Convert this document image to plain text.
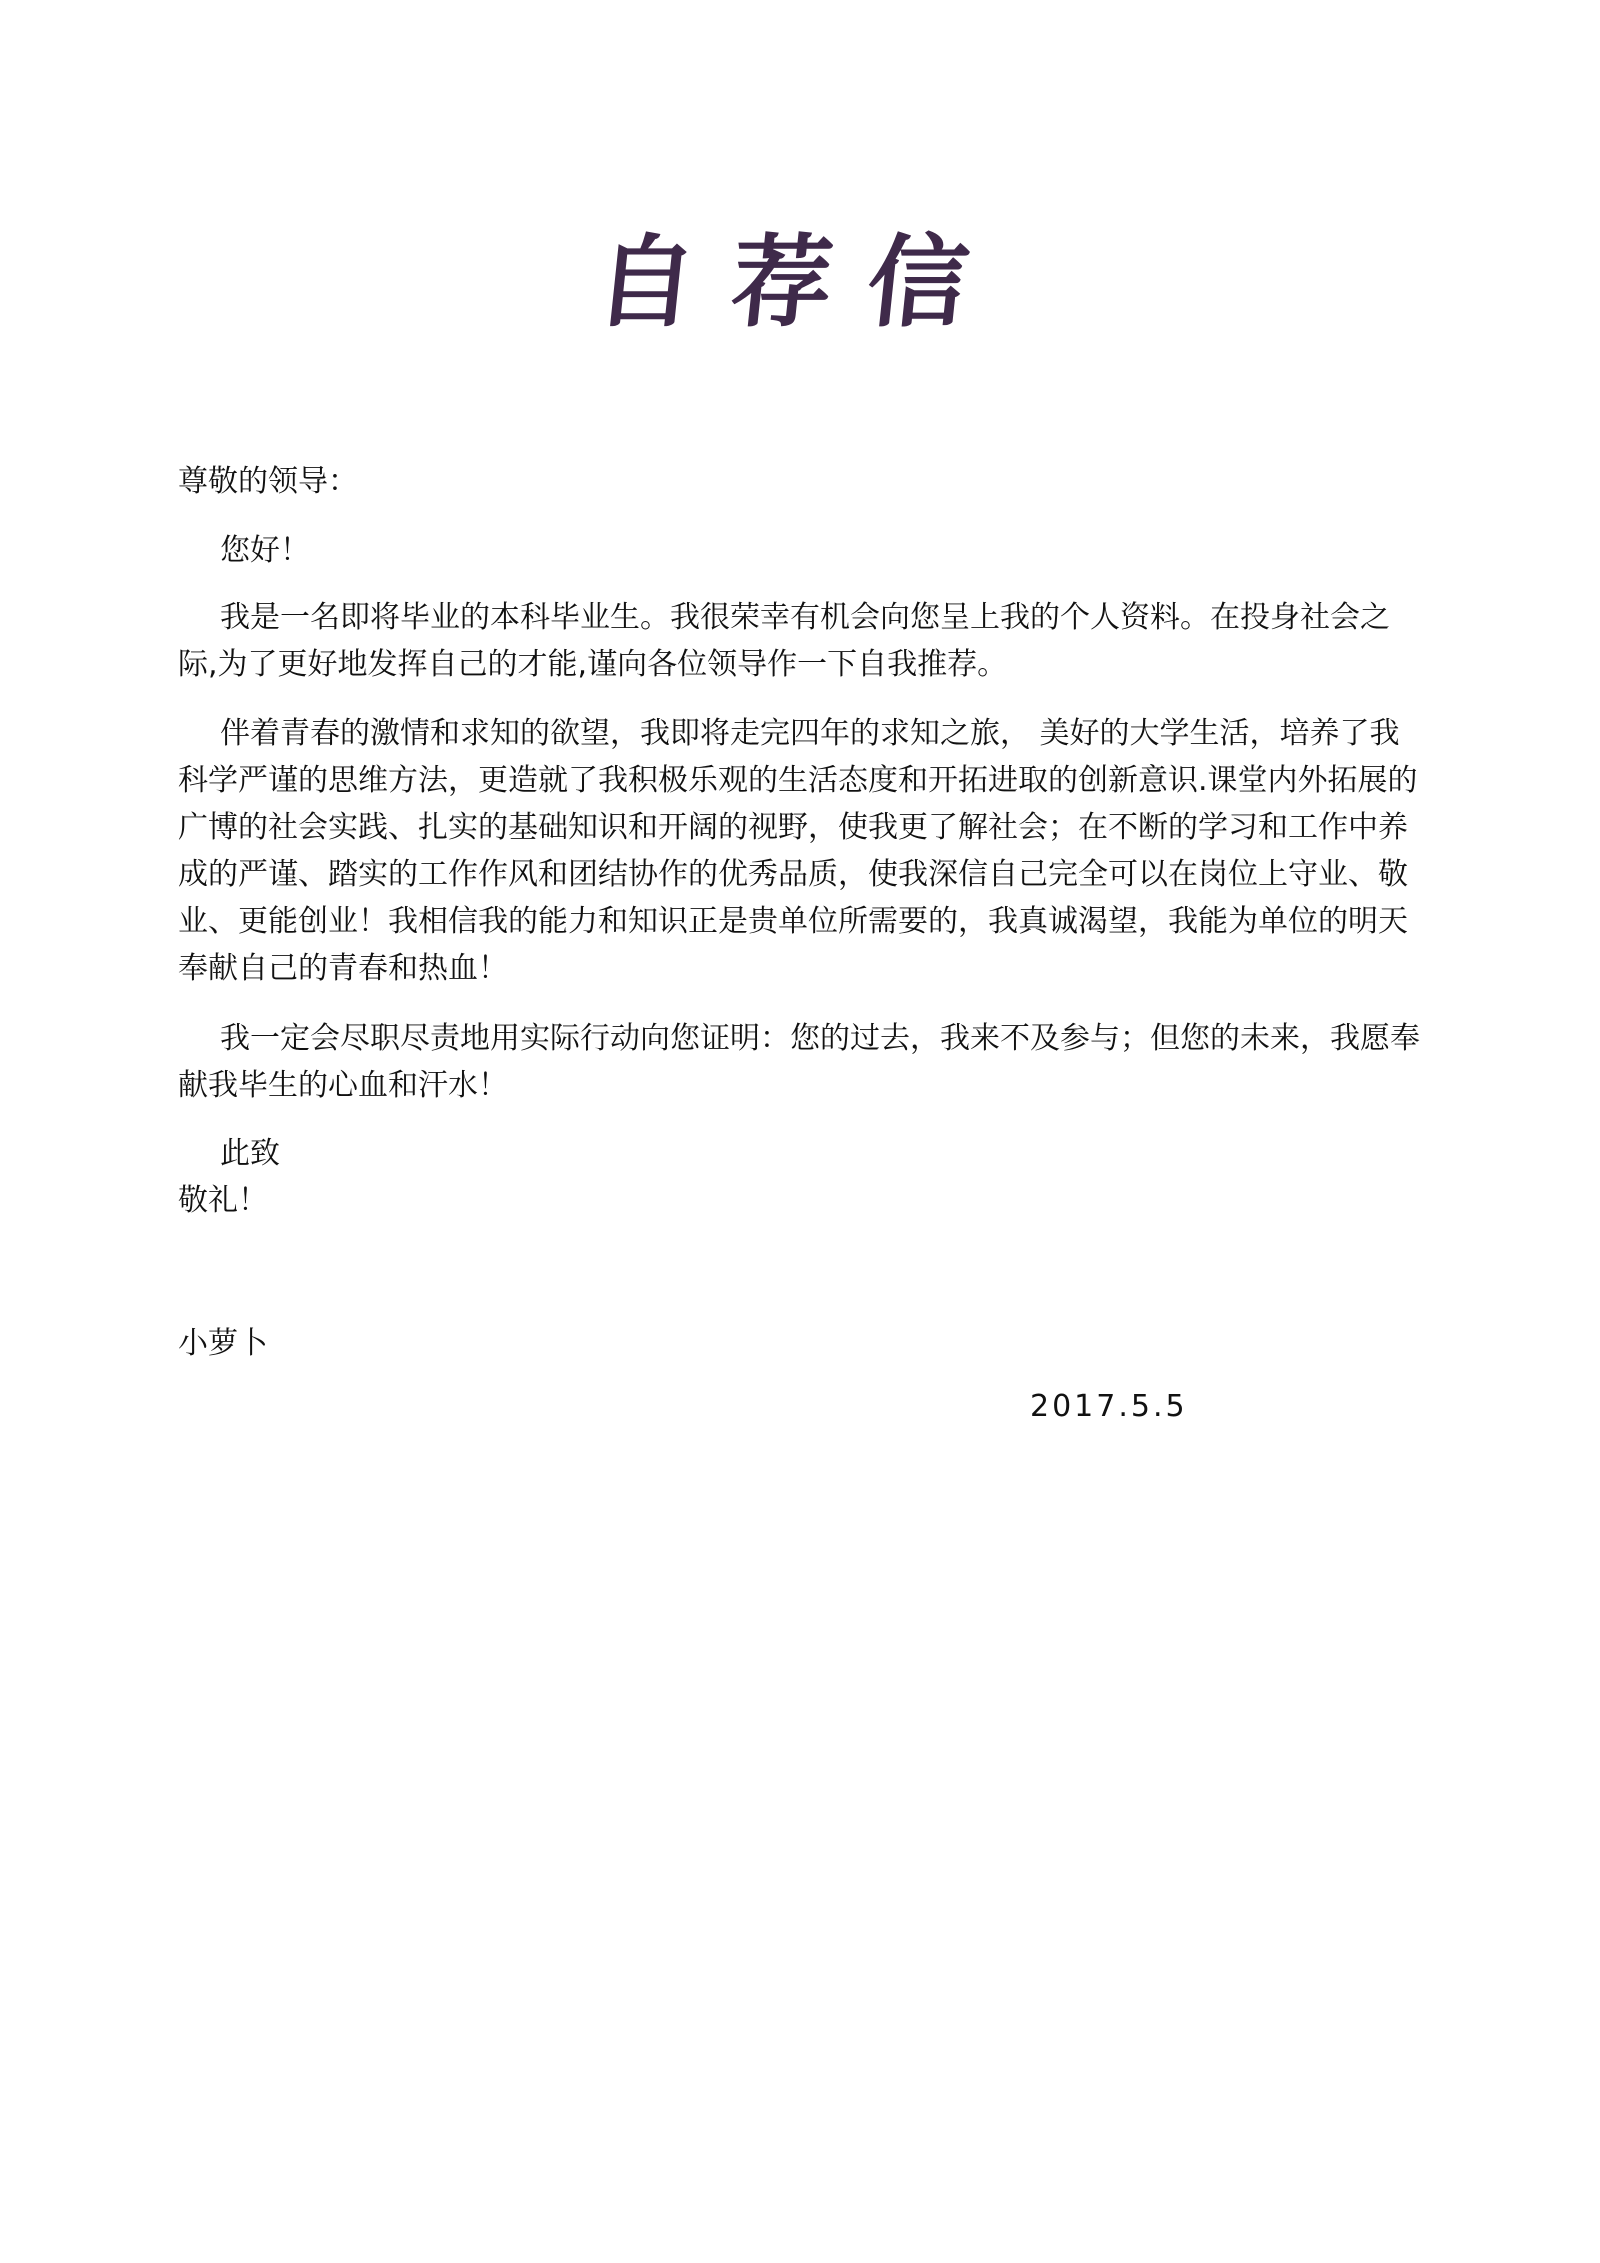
自荐信
尊敬的领导：
您好！
我是一名即将毕业的本科毕业生。我很荣幸有机会向您呈上我的个人资料。在投身社会之际,为了更好地发挥自己的才能,谨向各位领导作一下自我推荐。
伴着青春的激情和求知的欲望，我即将走完四年的求知之旅， 美好的大学生活，培养了我科学严谨的思维方法，更造就了我积极乐观的生活态度和开拓进取的创新意识.课堂内外拓展的广博的社会实践、扎实的基础知识和开阔的视野，使我更了解社会；在不断的学习和工作中养成的严谨、踏实的工作作风和团结协作的优秀品质，使我深信自己完全可以在岗位上守业、敬业、更能创业！我相信我的能力和知识正是贵单位所需要的，我真诚渴望，我能为单位的明天奉献自己的青春和热血！
我一定会尽职尽责地用实际行动向您证明：您的过去，我来不及参与；但您的未来，我愿奉献我毕生的心血和汗水！
此致
敬礼！
小萝卜
2017.5.5
